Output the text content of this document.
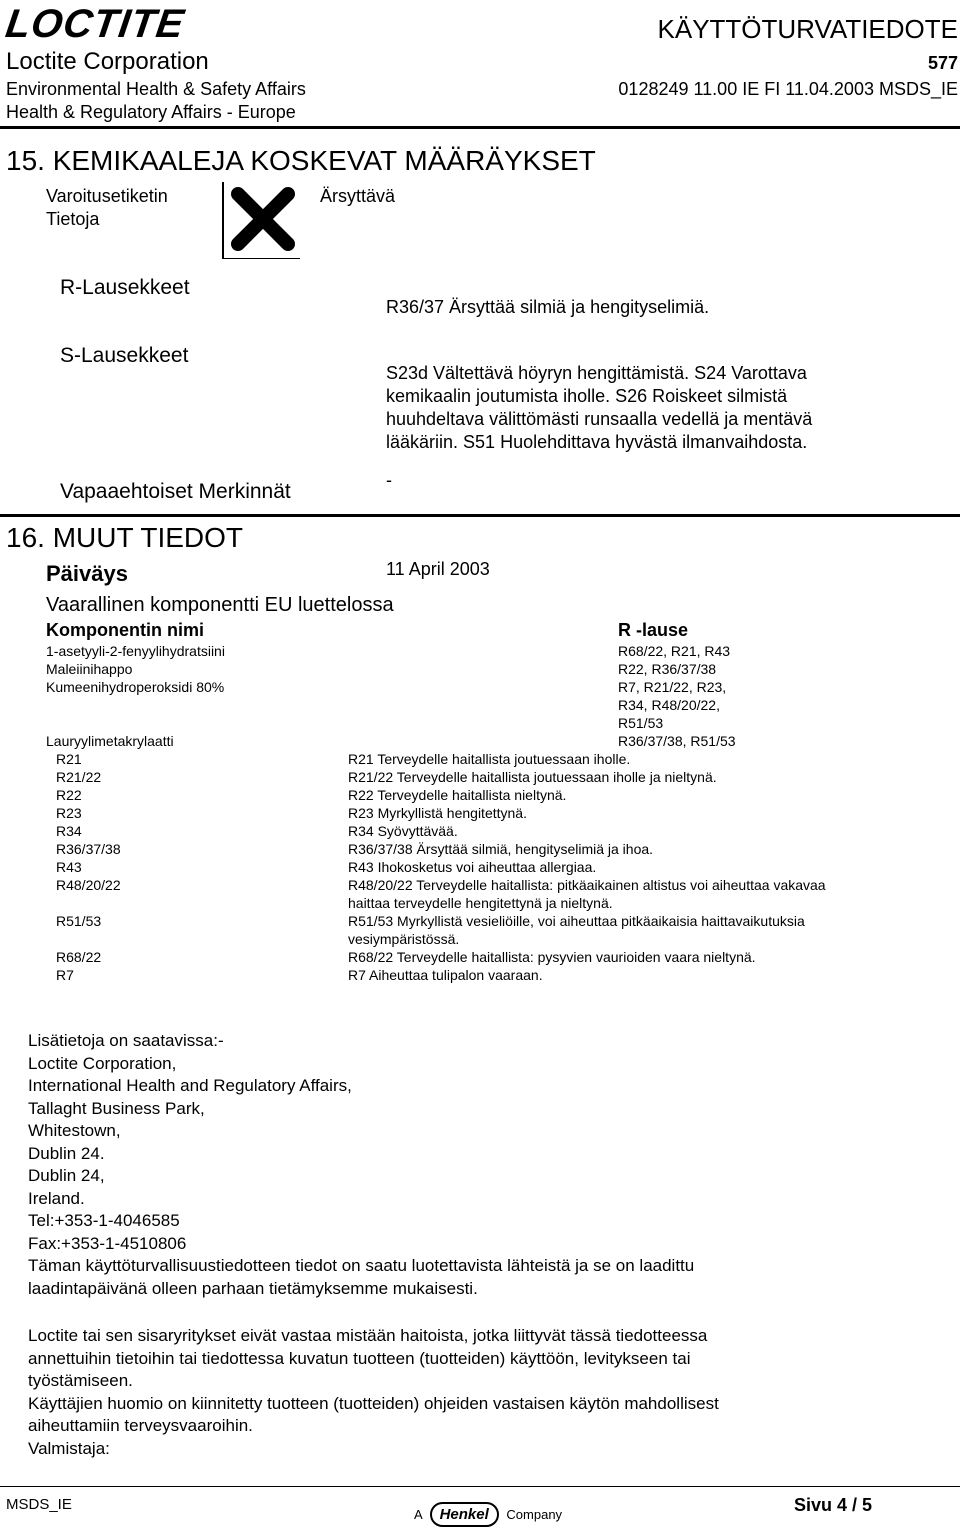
LOCTITE	KÄYTTÖTURVATIEDOTE
Loctite Corporation	577
Environmental Health & Safety Affairs	0128249 11.00 IE FI 11.04.2003 MSDS_IE
Health & Regulatory Affairs - Europe
15. KEMIKAALEJA KOSKEVAT MÄÄRÄYKSET
Varoitusetiketin
Tietoja
Ärsyttävä
R-Lausekkeet
R36/37 Ärsyttää silmiä ja hengityselimiä.
S-Lausekkeet
S23d Vältettävä höyryn hengittämistä. S24 Varottava
kemikaalin joutumista iholle. S26 Roiskeet silmistä
huuhdeltava välittömästi runsaalla vedellä ja mentävä
lääkäriin. S51 Huolehdittava hyvästä ilmanvaihdosta.
Vapaaehtoiset Merkinnät	-
16. MUUT TIEDOT
Päiväys	11 April 2003
Vaarallinen komponentti EU luettelossa
Komponentin nimi	R -lause
1-asetyyli-2-fenyylihydratsiini	R68/22, R21, R43
Maleiinihappo	R22, R36/37/38
Kumeenihydroperoksidi 80%	R7, R21/22, R23,
R34, R48/20/22,
R51/53
Lauryylimetakrylaatti	R36/37/38, R51/53
R21	R21 Terveydelle haitallista joutuessaan iholle.
R21/22	R21/22 Terveydelle haitallista joutuessaan iholle ja nieltynä.
R22	R22 Terveydelle haitallista nieltynä.
R23	R23 Myrkyllistä hengitettynä.
R34	R34 Syövyttävää.
R36/37/38	R36/37/38 Ärsyttää silmiä, hengityselimiä ja ihoa.
R43	R43 Ihokosketus voi aiheuttaa allergiaa.
R48/20/22	R48/20/22 Terveydelle haitallista: pitkäaikainen altistus voi aiheuttaa vakavaa
haittaa terveydelle hengitettynä ja nieltynä.
R51/53	R51/53 Myrkyllistä vesieliöille, voi aiheuttaa pitkäaikaisia haittavaikutuksia
vesiympäristössä.
R68/22	R68/22 Terveydelle haitallista: pysyvien vaurioiden vaara nieltynä.
R7	R7 Aiheuttaa tulipalon vaaraan.
Lisätietoja on saatavissa:-
Loctite Corporation,
International Health and Regulatory Affairs,
Tallaght Business Park,
Whitestown,
Dublin 24.
Dublin 24,
Ireland.
Tel:+353-1-4046585
Fax:+353-1-4510806
Täman käyttöturvallisuustiedotteen tiedot on saatu luotettavista lähteistä ja se on laadittu
laadintapäivänä olleen parhaan tietämyksemme mukaisesti.
Loctite tai sen sisaryritykset eivät vastaa mistään haitoista, jotka liittyvät tässä tiedotteessa
annettuihin tietoihin tai tiedottessa kuvatun tuotteen (tuotteiden) käyttöön, levitykseen tai
työstämiseen.
Käyttäjien huomio on kiinnitetty tuotteen (tuotteiden) ohjeiden vastaisen käytön mahdollisest
aiheuttamiin terveysvaaroihin.
Valmistaja:
MSDS_IE
A Henkel Company	Sivu 4 / 5
